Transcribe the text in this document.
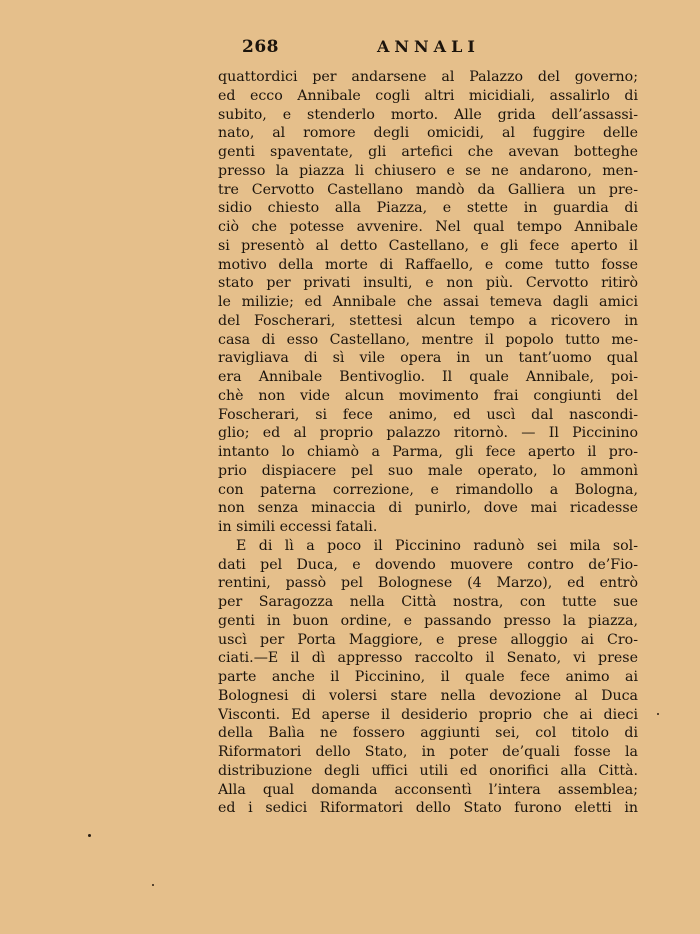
268	ANNALI
quattordici per andarsene al Palazzo del governo;
ed ecco Annibale cogli altri micidiali, assalirlo di
subito, e stenderlo morto. Alle grida dell’assassi-
nato, al romore degli omicidi, al fuggire delle
genti spaventate, gli artefici che avevan botteghe
presso la piazza li chiusero e se ne andarono, men-
tre Cervotto Castellano mandò da Galliera un pre-
sidio chiesto alla Piazza, e stette in guardia di
ciò che potesse avvenire. Nel qual tempo Annibale
si presentò al detto Castellano, e gli fece aperto il
motivo della morte di Raffaello, e come tutto fosse
stato per privati insulti, e non più. Cervotto ritirò
le milizie; ed Annibale che assai temeva dagli amici
del Foscherari, stettesi alcun tempo a ricovero in
casa di esso Castellano, mentre il popolo tutto me-
ravigliava di sì vile opera in un tant’uomo qual
era Annibale Bentivoglio. Il quale Annibale, poi-
chè non vide alcun movimento frai congiunti del
Foscherari, si fece animo, ed uscì dal nascondi-
glio; ed al proprio palazzo ritornò. — Il Piccinino
intanto lo chiamò a Parma, gli fece aperto il pro-
prio dispiacere pel suo male operato, lo ammonì
con paterna correzione, e rimandollo a Bologna,
non senza minaccia di punirlo, dove mai ricadesse
in simili eccessi fatali.
E di lì a poco il Piccinino radunò sei mila sol-
dati pel Duca, e dovendo muovere contro de’Fio-
rentini, passò pel Bolognese (4 Marzo), ed entrò
per Saragozza nella Città nostra, con tutte sue
genti in buon ordine, e passando presso la piazza,
uscì per Porta Maggiore, e prese alloggio ai Cro-
ciati.—E il dì appresso raccolto il Senato, vi prese
parte anche il Piccinino, il quale fece animo ai
Bolognesi di volersi stare nella devozione al Duca
Visconti. Ed aperse il desiderio proprio che ai dieci
della Balìa ne fossero aggiunti sei, col titolo di
Riformatori dello Stato, in poter de’quali fosse la
distribuzione degli uffici utili ed onorifici alla Città.
Alla qual domanda acconsentì l’intera assemblea;
ed i sedici Riformatori dello Stato furono eletti in
